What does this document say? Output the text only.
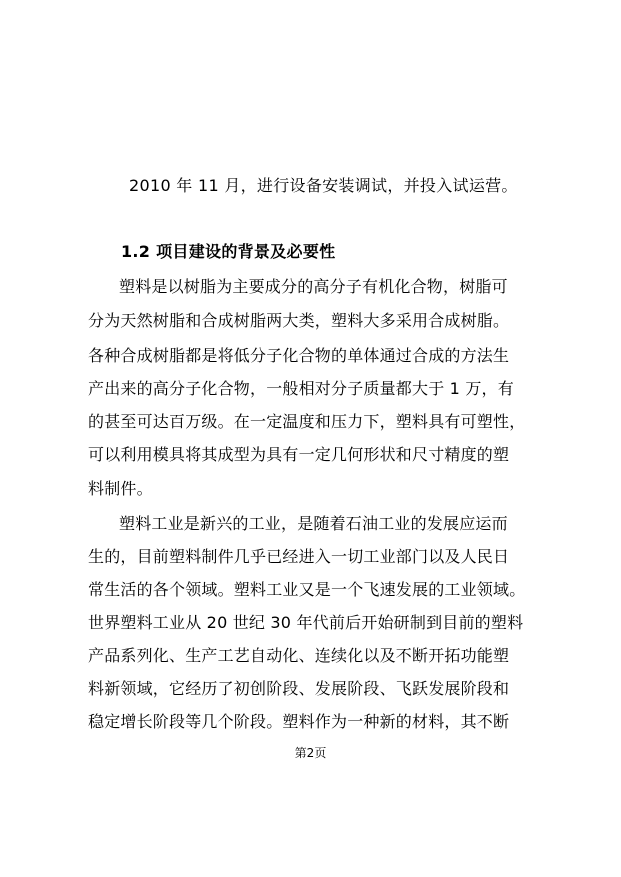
2010 年 11 月，进行设备安装调试，并投入试运营。
1.2 项目建设的背景及必要性
塑料是以树脂为主要成分的高分子有机化合物，树脂可
分为天然树脂和合成树脂两大类，塑料大多采用合成树脂。
各种合成树脂都是将低分子化合物的单体通过合成的方法生
产出来的高分子化合物，一般相对分子质量都大于 1 万，有
的甚至可达百万级。在一定温度和压力下，塑料具有可塑性，
可以利用模具将其成型为具有一定几何形状和尺寸精度的塑
料制件。
塑料工业是新兴的工业，是随着石油工业的发展应运而
生的，目前塑料制件几乎已经进入一切工业部门以及人民日
常生活的各个领域。塑料工业又是一个飞速发展的工业领域。
世界塑料工业从 20 世纪 30 年代前后开始研制到目前的塑料
产品系列化、生产工艺自动化、连续化以及不断开拓功能塑
料新领域，它经历了初创阶段、发展阶段、飞跃发展阶段和
稳定增长阶段等几个阶段。塑料作为一种新的材料，其不断
第2页
